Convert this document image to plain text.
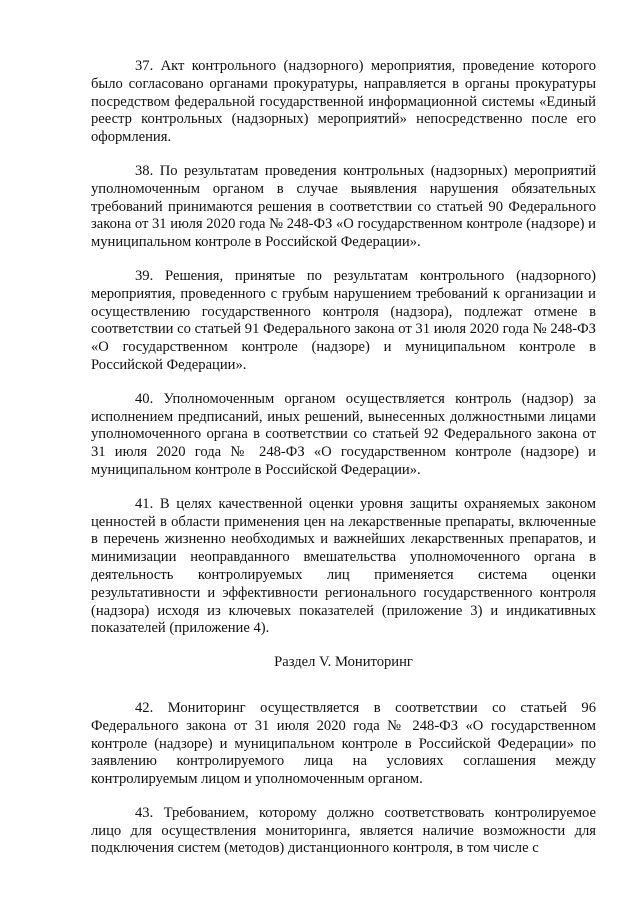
37. Акт контрольного (надзорного) мероприятия, проведение которого было согласовано органами прокуратуры, направляется в органы прокуратуры посредством федеральной государственной информационной системы «Единый реестр контрольных (надзорных) мероприятий» непосредственно после его оформления.

38. По результатам проведения контрольных (надзорных) мероприятий уполномоченным органом в случае выявления нарушения обязательных требований принимаются решения в соответствии со статьей 90 Федерального закона от 31 июля 2020 года № 248-ФЗ «О государственном контроле (надзоре) и муниципальном контроле в Российской Федерации».

39. Решения, принятые по результатам контрольного (надзорного) мероприятия, проведенного с грубым нарушением требований к организации и осуществлению государственного контроля (надзора), подлежат отмене в соответствии со статьей 91 Федерального закона от 31 июля 2020 года № 248-ФЗ «О государственном контроле (надзоре) и муниципальном контроле в Российской Федерации».

40. Уполномоченным органом осуществляется контроль (надзор) за исполнением предписаний, иных решений, вынесенных должностными лицами уполномоченного органа в соответствии со статьей 92 Федерального закона от 31 июля 2020 года № 248-ФЗ «О государственном контроле (надзоре) и муниципальном контроле в Российской Федерации».

41. В целях качественной оценки уровня защиты охраняемых законом ценностей в области применения цен на лекарственные препараты, включенные в перечень жизненно необходимых и важнейших лекарственных препаратов, и минимизации неоправданного вмешательства уполномоченного органа в деятельность контролируемых лиц применяется система оценки результативности и эффективности регионального государственного контроля (надзора) исходя из ключевых показателей (приложение 3) и индикативных показателей (приложение 4).

Раздел V. Мониторинг

42. Мониторинг осуществляется в соответствии со статьей 96 Федерального закона от 31 июля 2020 года № 248-ФЗ «О государственном контроле (надзоре) и муниципальном контроле в Российской Федерации» по заявлению контролируемого лица на условиях соглашения между контролируемым лицом и уполномоченным органом.

43. Требованием, которому должно соответствовать контролируемое лицо для осуществления мониторинга, является наличие возможности для подключения систем (методов) дистанционного контроля, в том числе с
